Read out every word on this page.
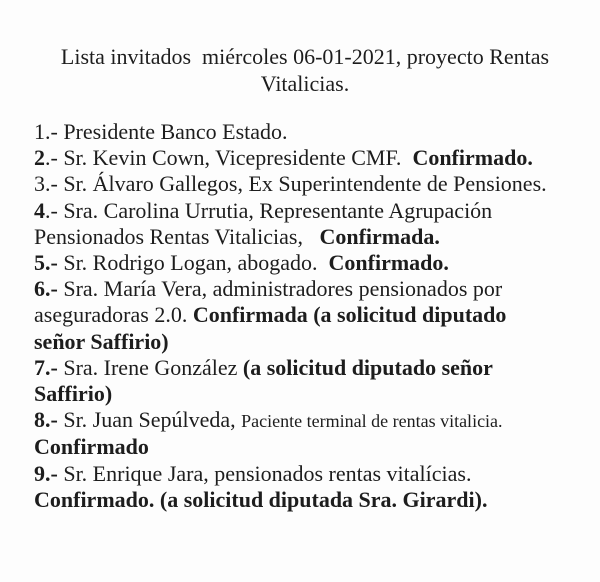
Lista invitados  miércoles 06-01-2021, proyecto Rentas
Vitalicias.
1.- Presidente Banco Estado.
2.- Sr. Kevin Cown, Vicepresidente CMF.  Confirmado.
3.- Sr. Álvaro Gallegos, Ex Superintendente de Pensiones.
4.- Sra. Carolina Urrutia, Representante Agrupación
Pensionados Rentas Vitalicias,   Confirmada.
5.- Sr. Rodrigo Logan, abogado.  Confirmado.
6.- Sra. María Vera, administradores pensionados por
aseguradoras 2.0. Confirmada (a solicitud diputado
señor Saffirio)
7.- Sra. Irene González (a solicitud diputado señor
Saffirio)
8.- Sr. Juan Sepúlveda, Paciente terminal de rentas vitalicia.
Confirmado
9.- Sr. Enrique Jara, pensionados rentas vitalícias.
Confirmado. (a solicitud diputada Sra. Girardi).
